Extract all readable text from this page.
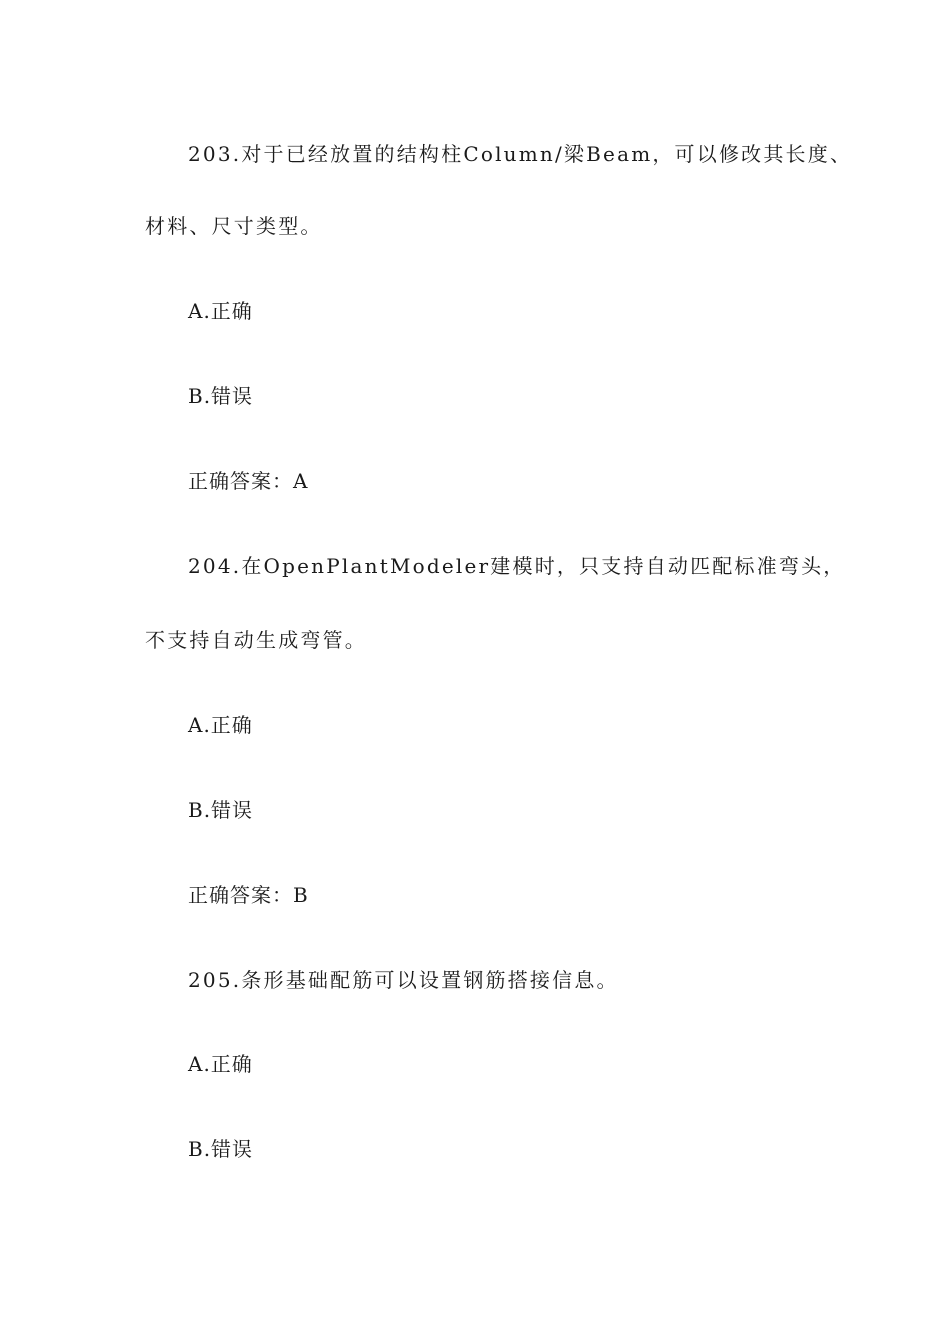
203.对于已经放置的结构柱Column/梁Beam，可以修改其长度、
材料、尺寸类型。
A.正确
B.错误
正确答案：A
204.在OpenPlantModeler建模时，只支持自动匹配标准弯头，
不支持自动生成弯管。
A.正确
B.错误
正确答案：B
205.条形基础配筋可以设置钢筋搭接信息。
A.正确
B.错误
